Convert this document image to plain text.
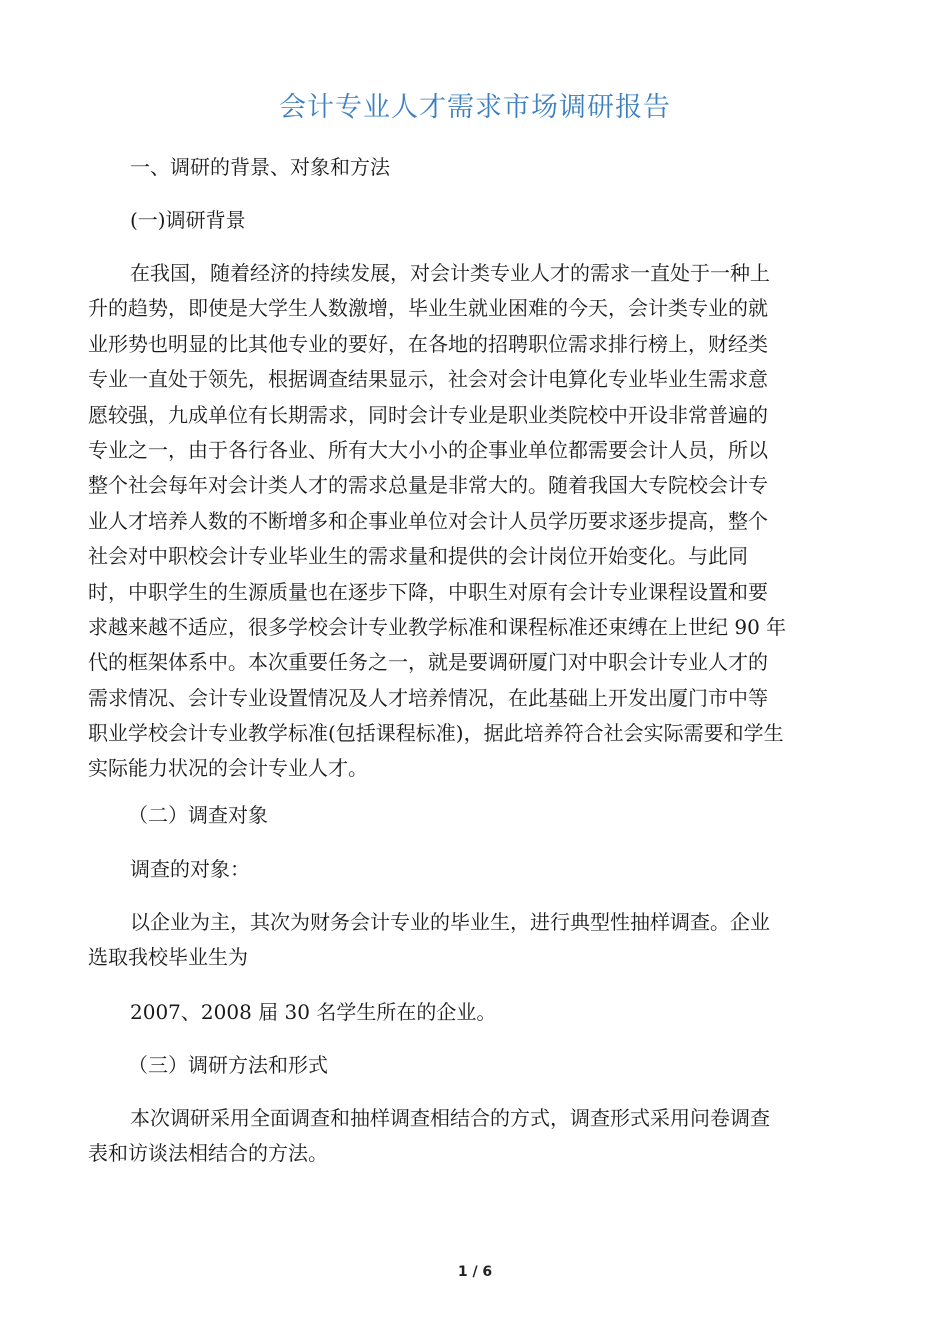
会计专业人才需求市场调研报告
一、调研的背景、对象和方法
(一)调研背景
在我国，随着经济的持续发展，对会计类专业人才的需求一直处于一种上
升的趋势，即使是大学生人数激增，毕业生就业困难的今天，会计类专业的就
业形势也明显的比其他专业的要好，在各地的招聘职位需求排行榜上，财经类
专业一直处于领先，根据调查结果显示，社会对会计电算化专业毕业生需求意
愿较强，九成单位有长期需求，同时会计专业是职业类院校中开设非常普遍的
专业之一，由于各行各业、所有大大小小的企事业单位都需要会计人员，所以
整个社会每年对会计类人才的需求总量是非常大的。随着我国大专院校会计专
业人才培养人数的不断增多和企事业单位对会计人员学历要求逐步提高，整个
社会对中职校会计专业毕业生的需求量和提供的会计岗位开始变化。与此同
时，中职学生的生源质量也在逐步下降，中职生对原有会计专业课程设置和要
求越来越不适应，很多学校会计专业教学标准和课程标准还束缚在上世纪 90 年
代的框架体系中。本次重要任务之一，就是要调研厦门对中职会计专业人才的
需求情况、会计专业设置情况及人才培养情况，在此基础上开发出厦门市中等
职业学校会计专业教学标准(包括课程标准)，据此培养符合社会实际需要和学生
实际能力状况的会计专业人才。
（二）调查对象
调查的对象：
以企业为主，其次为财务会计专业的毕业生，进行典型性抽样调查。企业
选取我校毕业生为
2007、2008 届 30 名学生所在的企业。
（三）调研方法和形式
本次调研采用全面调查和抽样调查相结合的方式，调查形式采用问卷调查
表和访谈法相结合的方法。
1 / 6
